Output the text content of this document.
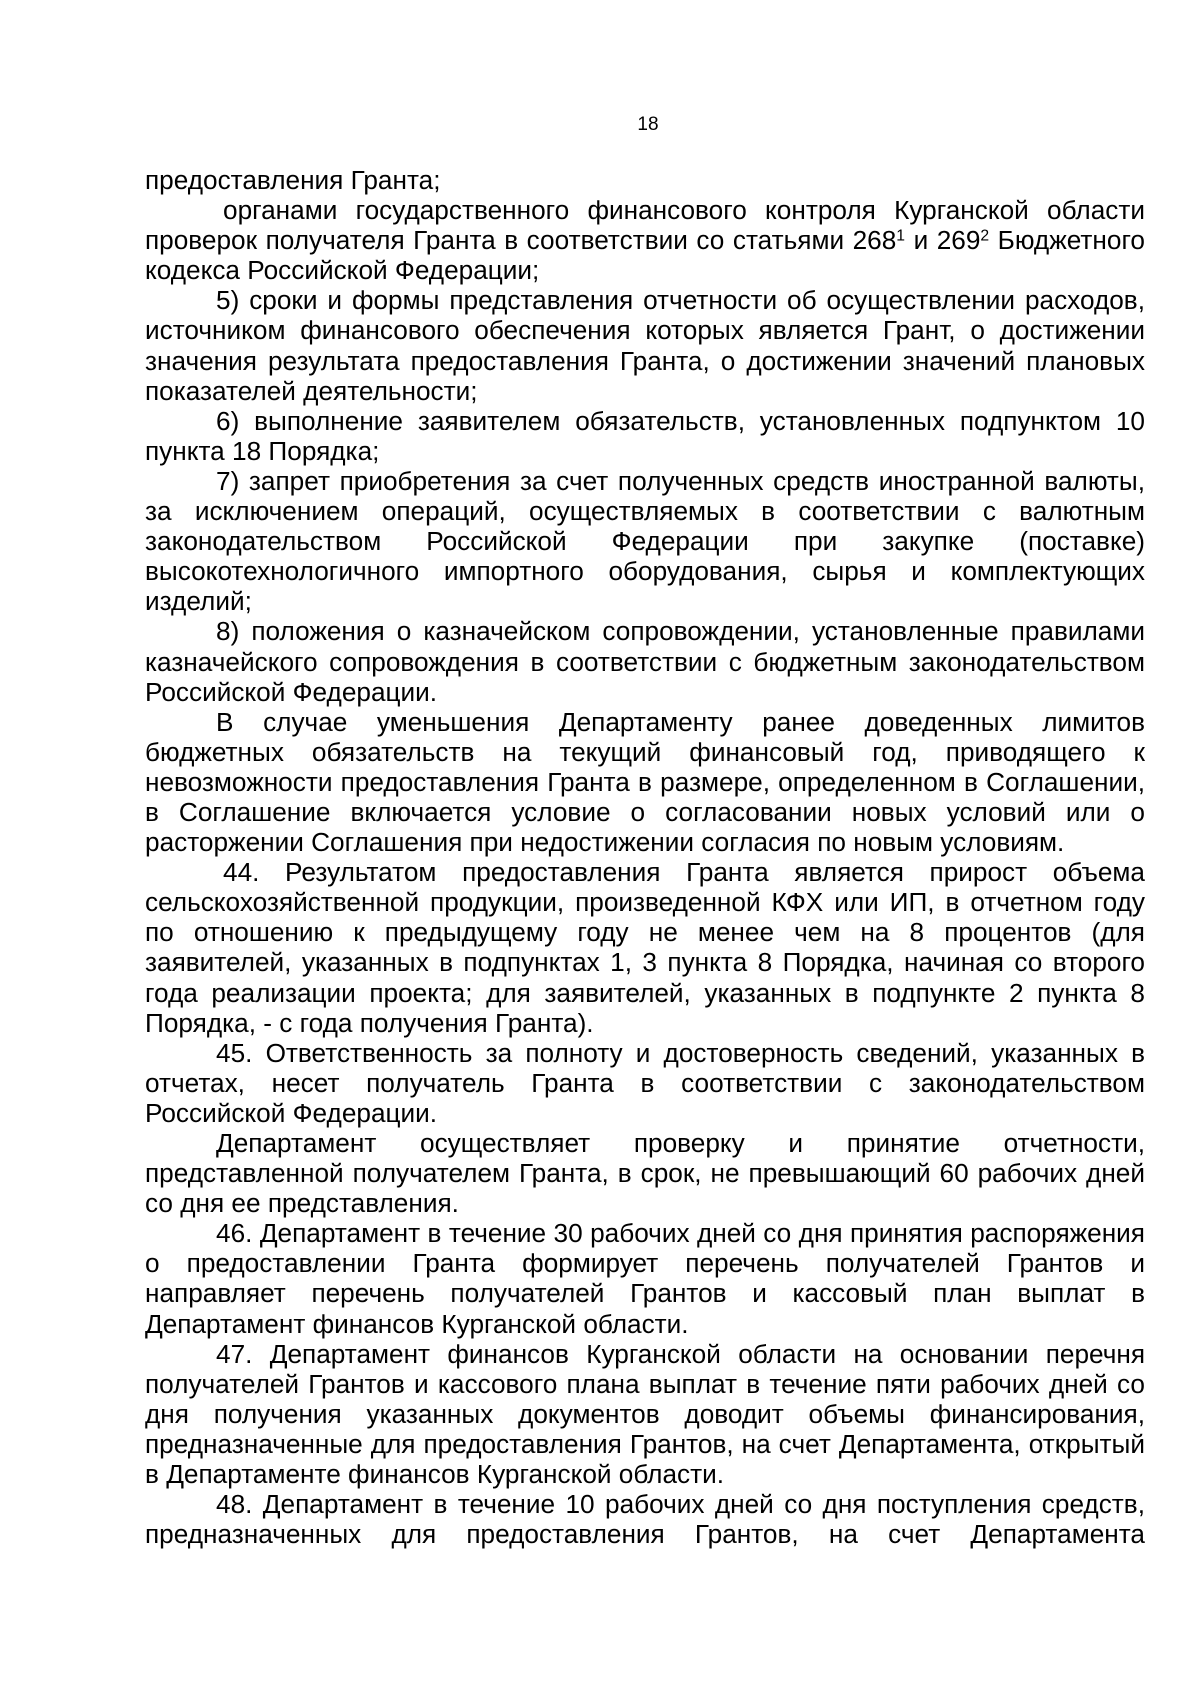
18

предоставления Гранта;

органами государственного финансового контроля Курганской области

проверок получателя Гранта в соответствии со статьями $268^1$ и $269^2$ Бюджетного кодекса Российской Федерации;

5) сроки и формы представления отчетности об осуществлении расходов, источником финансового обеспечения которых является Грант, о достижении значения результата предоставления Гранта, о достижении значений плановых показателей деятельности;

6) выполнение заявителем обязательств, установленных подпунктом 10 пункта 18 Порядка;

7) запрет приобретения за счет полученных средств иностранной валюты, за исключением операций, осуществляемых в соответствии с валютным законодательством Российской Федерации при закупке (поставке) высокотехнологичного импортного оборудования, сырья и комплектующих изделий;

8) положения о казначейском сопровождении, установленные правилами казначейского сопровождения в соответствии с бюджетным законодательством Российской Федерации.

В случае уменьшения Департаменту ранее доведенных лимитов бюджетных обязательств на текущий финансовый год, приводящего к невозможности предоставления Гранта в размере, определенном в Соглашении, в Соглашение включается условие о согласовании новых условий или о расторжении Соглашения при недостижении согласия по новым условиям.

44. Результатом предоставления Гранта является прирост объема сельскохозяйственной продукции, произведенной КФХ или ИП, в отчетном году по отношению к предыдущему году не менее чем на 8 процентов (для заявителей, указанных в подпунктах 1, 3 пункта 8 Порядка, начиная со второго года реализации проекта; для заявителей, указанных в подпункте 2 пункта 8 Порядка, - с года получения Гранта).

45. Ответственность за полноту и достоверность сведений, указанных в отчетах, несет получатель Гранта в соответствии с законодательством Российской Федерации.

Департамент осуществляет проверку и принятие отчетности, представленной получателем Гранта, в срок, не превышающий 60 рабочих дней со дня ее представления.

46. Департамент в течение 30 рабочих дней со дня принятия распоряжения о предоставлении Гранта формирует перечень получателей Грантов и направляет перечень получателей Грантов и кассовый план выплат в Департамент финансов Курганской области.

47. Департамент финансов Курганской области на основании перечня получателей Грантов и кассового плана выплат в течение пяти рабочих дней со дня получения указанных документов доводит объемы финансирования, предназначенные для предоставления Грантов, на счет Департамента, открытый в Департаменте финансов Курганской области.

48. Департамент в течение 10 рабочих дней со дня поступления средств, предназначенных для предоставления Грантов, на счет Департамента
